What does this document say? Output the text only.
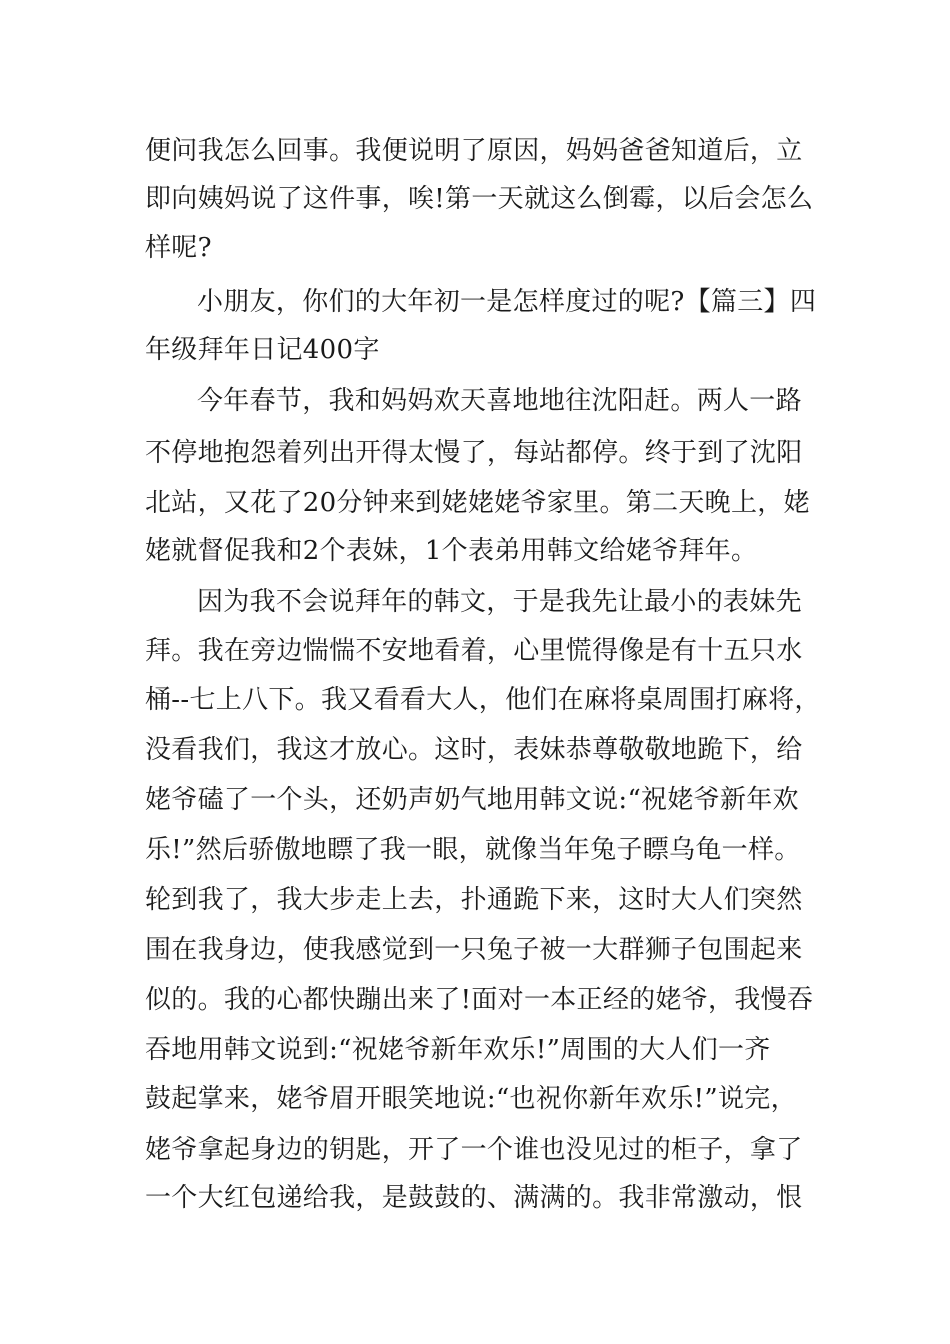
便问我怎么回事。我便说明了原因，妈妈爸爸知道后，立
即向姨妈说了这件事，唉!第一天就这么倒霉，以后会怎么
样呢?
小朋友，你们的大年初一是怎样度过的呢?【篇三】四
年级拜年日记400字
今年春节，我和妈妈欢天喜地地往沈阳赶。两人一路
不停地抱怨着列出开得太慢了，每站都停。终于到了沈阳
北站，又花了20分钟来到姥姥姥爷家里。第二天晚上，姥
姥就督促我和2个表妹，1个表弟用韩文给姥爷拜年。
因为我不会说拜年的韩文，于是我先让最小的表妹先
拜。我在旁边惴惴不安地看着，心里慌得像是有十五只水
桶--七上八下。我又看看大人，他们在麻将桌周围打麻将，
没看我们，我这才放心。这时，表妹恭尊敬敬地跪下，给
姥爷磕了一个头，还奶声奶气地用韩文说:“祝姥爷新年欢
乐!”然后骄傲地瞟了我一眼，就像当年兔子瞟乌龟一样。
轮到我了，我大步走上去，扑通跪下来，这时大人们突然
围在我身边，使我感觉到一只兔子被一大群狮子包围起来
似的。我的心都快蹦出来了!面对一本正经的姥爷，我慢吞
吞地用韩文说到:“祝姥爷新年欢乐!”周围的大人们一齐
鼓起掌来，姥爷眉开眼笑地说:“也祝你新年欢乐!”说完，
姥爷拿起身边的钥匙，开了一个谁也没见过的柜子，拿了
一个大红包递给我，是鼓鼓的、满满的。我非常激动，恨
